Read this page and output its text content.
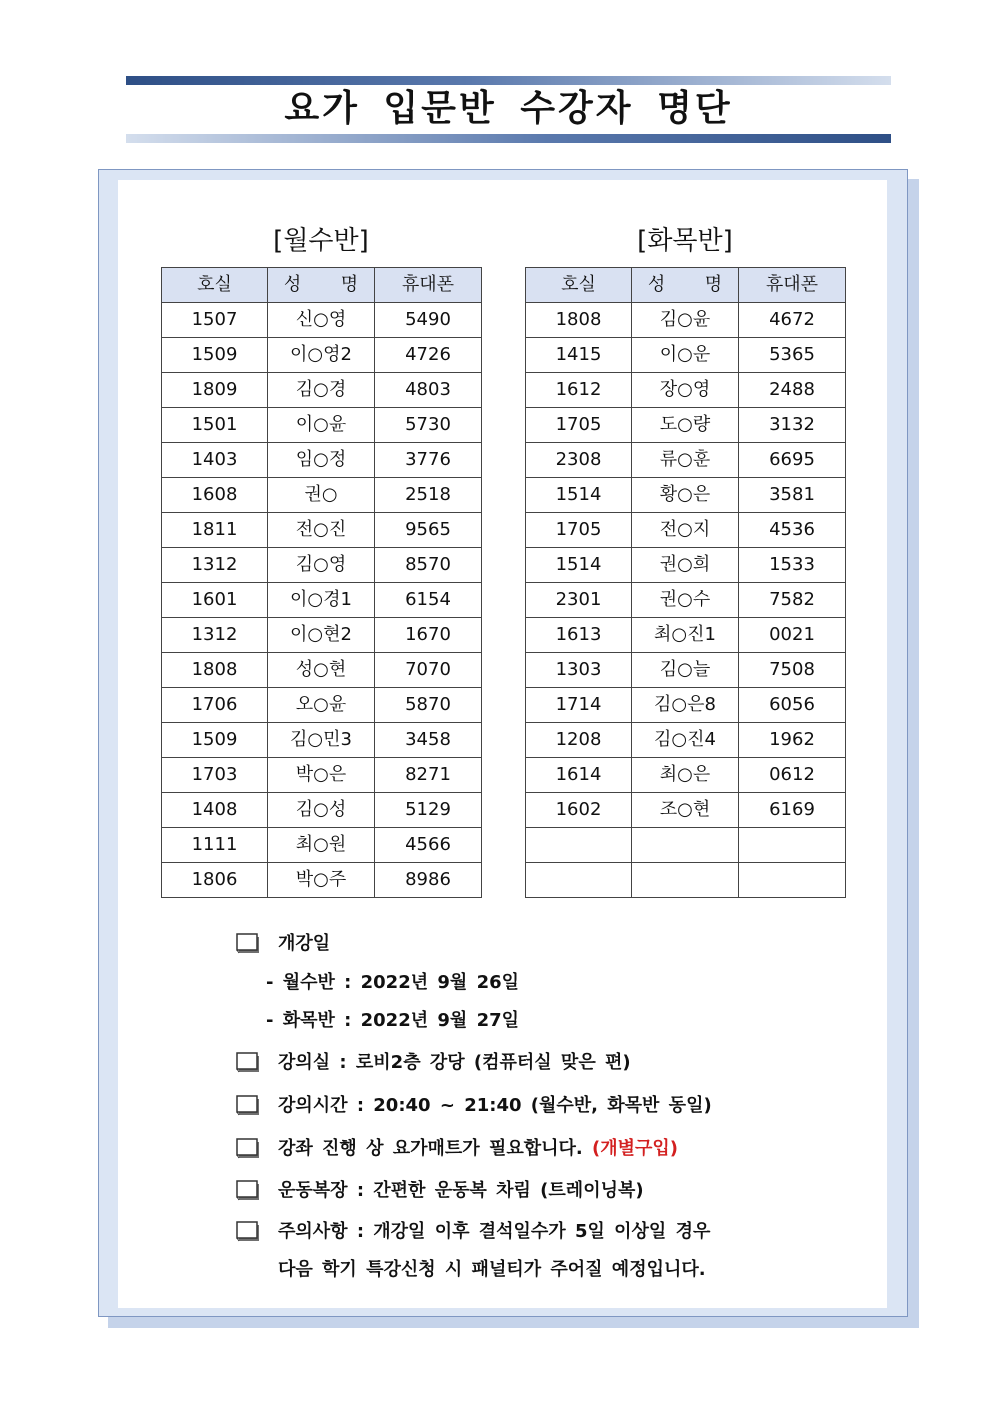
요가 입문반 수강자 명단
[월수반]	[화목반]
호실	성  명	휴대폰
1507	신○영	5490
1509	이○영2	4726
1809	김○경	4803
1501	이○윤	5730
1403	임○정	3776
1608	권○	2518
1811	전○진	9565
1312	김○영	8570
1601	이○경1	6154
1312	이○현2	1670
1808	성○현	7070
1706	오○윤	5870
1509	김○민3	3458
1703	박○은	8271
1408	김○성	5129
1111	최○원	4566
1806	박○주	8986
호실	성  명	휴대폰
1808	김○윤	4672
1415	이○운	5365
1612	장○영	2488
1705	도○량	3132
2308	류○훈	6695
1514	황○은	3581
1705	전○지	4536
1514	권○희	1533
2301	권○수	7582
1613	최○진1	0021
1303	김○늘	7508
1714	김○은8	6056
1208	김○진4	1962
1614	최○은	0612
1602	조○현	6169

개강일
- 월수반 : 2022년 9월 26일
- 화목반 : 2022년 9월 27일
강의실 : 로비2층 강당 (컴퓨터실 맞은 편)
강의시간 : 20:40 ~ 21:40 (월수반, 화목반 동일)
강좌 진행 상 요가매트가 필요합니다. (개별구입)
운동복장 : 간편한 운동복 차림 (트레이닝복)
주의사항 : 개강일 이후 결석일수가 5일 이상일 경우
다음 학기 특강신청 시 패널티가 주어질 예정입니다.
